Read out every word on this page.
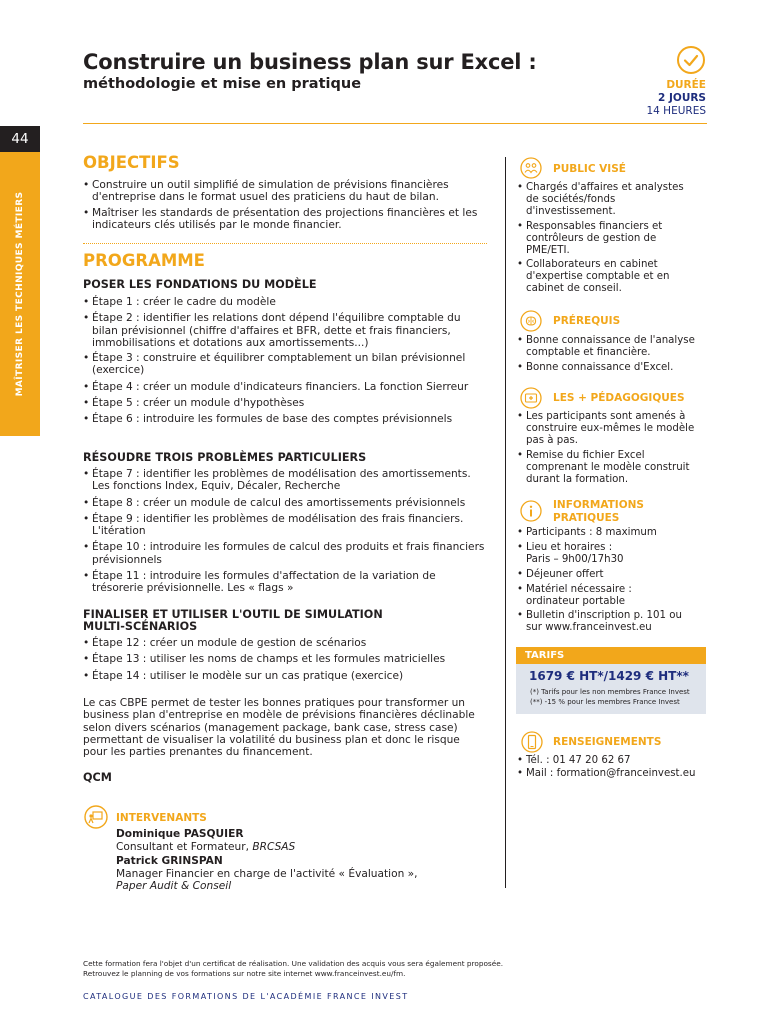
Construire un business plan sur Excel :
méthodologie et mise en pratique	DURÉE
2 JOURS
14 HEURES
44
MAÎTRISER LES TECHNIQUES MÉTIERS
OBJECTIFS
• Construire un outil simplifié de simulation de prévisions financières d'entreprise dans le format usuel des praticiens du haut de bilan.
• Maîtriser les standards de présentation des projections financières et les indicateurs clés utilisés par le monde financier.
PROGRAMME
POSER LES FONDATIONS DU MODÈLE
• Étape 1 : créer le cadre du modèle
• Étape 2 : identifier les relations dont dépend l'équilibre comptable du bilan prévisionnel (chiffre d'affaires et BFR, dette et frais financiers, immobilisations et dotations aux amortissements...)
• Étape 3 : construire et équilibrer comptablement un bilan prévisionnel (exercice)
• Étape 4 : créer un module d'indicateurs financiers. La fonction Sierreur
• Étape 5 : créer un module d'hypothèses
• Étape 6 : introduire les formules de base des comptes prévisionnels
RÉSOUDRE TROIS PROBLÈMES PARTICULIERS
• Étape 7 : identifier les problèmes de modélisation des amortissements. Les fonctions Index, Equiv, Décaler, Recherche
• Étape 8 : créer un module de calcul des amortissements prévisionnels
• Étape 9 : identifier les problèmes de modélisation des frais financiers. L'itération
• Étape 10 : introduire les formules de calcul des produits et frais financiers prévisionnels
• Étape 11 : introduire les formules d'affectation de la variation de trésorerie prévisionnelle. Les « flags »
FINALISER ET UTILISER L'OUTIL DE SIMULATION
MULTI-SCÉNARIOS
• Étape 12 : créer un module de gestion de scénarios
• Étape 13 : utiliser les noms de champs et les formules matricielles
• Étape 14 : utiliser le modèle sur un cas pratique (exercice)
Le cas CBPE permet de tester les bonnes pratiques pour transformer un business plan d'entreprise en modèle de prévisions financières déclinable selon divers scénarios (management package, bank case, stress case) permettant de visualiser la volatilité du business plan et donc le risque pour les parties prenantes du financement.
QCM
INTERVENANTS
Dominique PASQUIER
Consultant et Formateur, BRCSAS
Patrick GRINSPAN
Manager Financier en charge de l'activité « Évaluation »,
Paper Audit & Conseil
PUBLIC VISÉ
• Chargés d'affaires et analystes de sociétés/fonds d'investissement.
• Responsables financiers et contrôleurs de gestion de PME/ETI.
• Collaborateurs en cabinet d'expertise comptable et en cabinet de conseil.
PRÉREQUIS
• Bonne connaissance de l'analyse comptable et financière.
• Bonne connaissance d'Excel.
LES + PÉDAGOGIQUES
• Les participants sont amenés à construire eux-mêmes le modèle pas à pas.
• Remise du fichier Excel comprenant le modèle construit durant la formation.
INFORMATIONS
PRATIQUES
• Participants : 8 maximum
• Lieu et horaires : Paris – 9h00/17h30
• Déjeuner offert
• Matériel nécessaire : ordinateur portable
• Bulletin d'inscription p. 101 ou sur www.franceinvest.eu
TARIFS
1679 € HT*/1429 € HT**
(*) Tarifs pour les non membres France Invest
(**) -15 % pour les membres France Invest
RENSEIGNEMENTS
• Tél. : 01 47 20 62 67
• Mail : formation@franceinvest.eu
Cette formation fera l'objet d'un certificat de réalisation. Une validation des acquis vous sera également proposée.
Retrouvez le planning de vos formations sur notre site internet www.franceinvest.eu/fm.
CATALOGUE DES FORMATIONS DE L'ACADÉMIE FRANCE INVEST
